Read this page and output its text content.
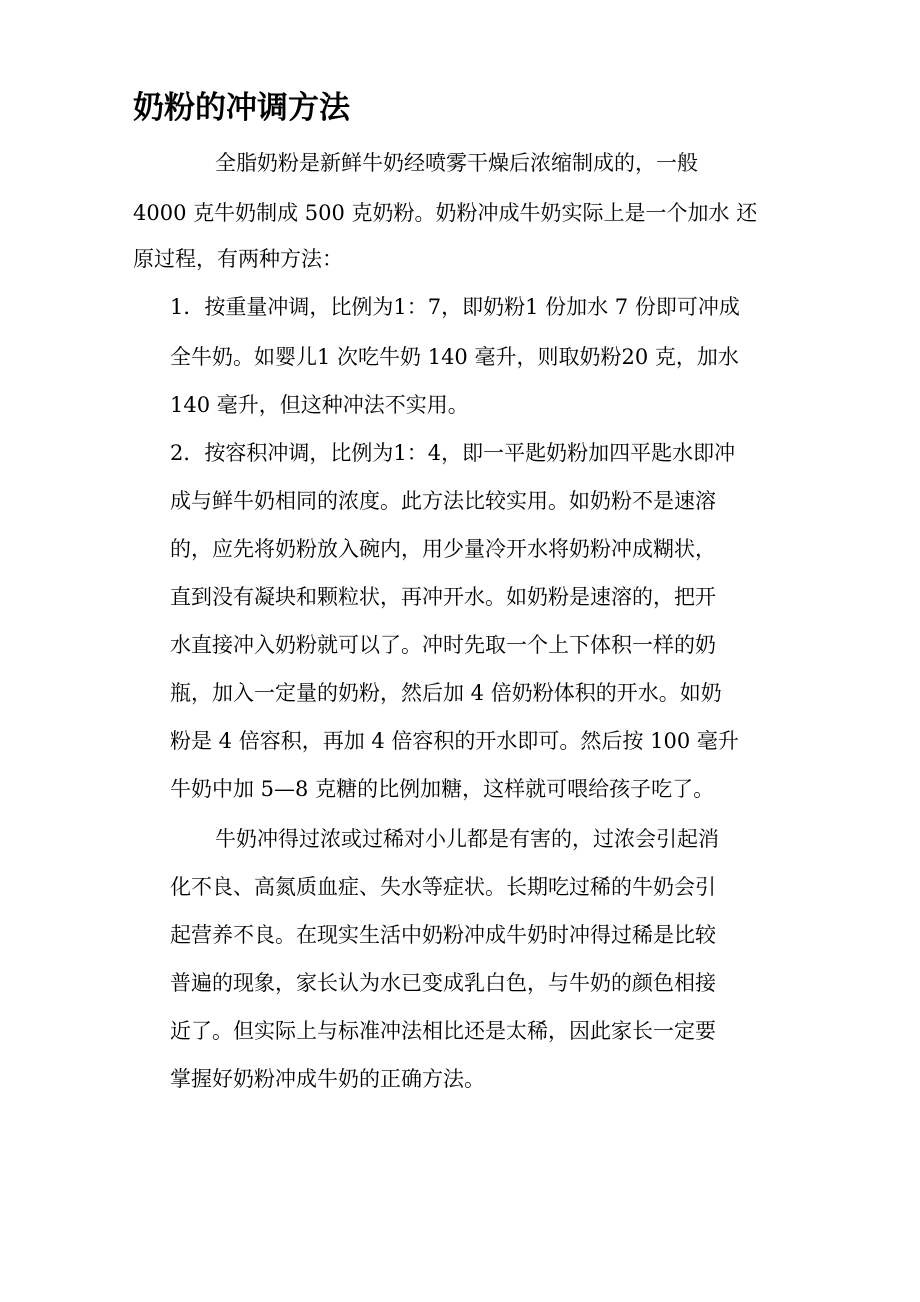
奶粉的冲调方法

全脂奶粉是新鲜牛奶经喷雾干燥后浓缩制成的，一般

4000 克牛奶制成 500 克奶粉。奶粉冲成牛奶实际上是一个加水 还

原过程，有两种方法：

1．按重量冲调，比例为1：7，即奶粉1 份加水 7 份即可冲成

全牛奶。如婴儿1 次吃牛奶 140 毫升，则取奶粉20 克，加水

140 毫升，但这种冲法不实用。

2．按容积冲调，比例为1：4，即一平匙奶粉加四平匙水即冲

成与鲜牛奶相同的浓度。此方法比较实用。如奶粉不是速溶

的，应先将奶粉放入碗内，用少量冷开水将奶粉冲成糊状，

直到没有凝块和颗粒状，再冲开水。如奶粉是速溶的，把开

水直接冲入奶粉就可以了。冲时先取一个上下体积一样的奶

瓶，加入一定量的奶粉，然后加 4 倍奶粉体积的开水。如奶

粉是 4 倍容积，再加 4 倍容积的开水即可。然后按 100 毫升

牛奶中加 5—8 克糖的比例加糖，这样就可喂给孩子吃了。

牛奶冲得过浓或过稀对小儿都是有害的，过浓会引起消

化不良、高氮质血症、失水等症状。长期吃过稀的牛奶会引

起营养不良。在现实生活中奶粉冲成牛奶时冲得过稀是比较

普遍的现象，家长认为水已变成乳白色，与牛奶的颜色相接

近了。但实际上与标准冲法相比还是太稀，因此家长一定要

掌握好奶粉冲成牛奶的正确方法。
